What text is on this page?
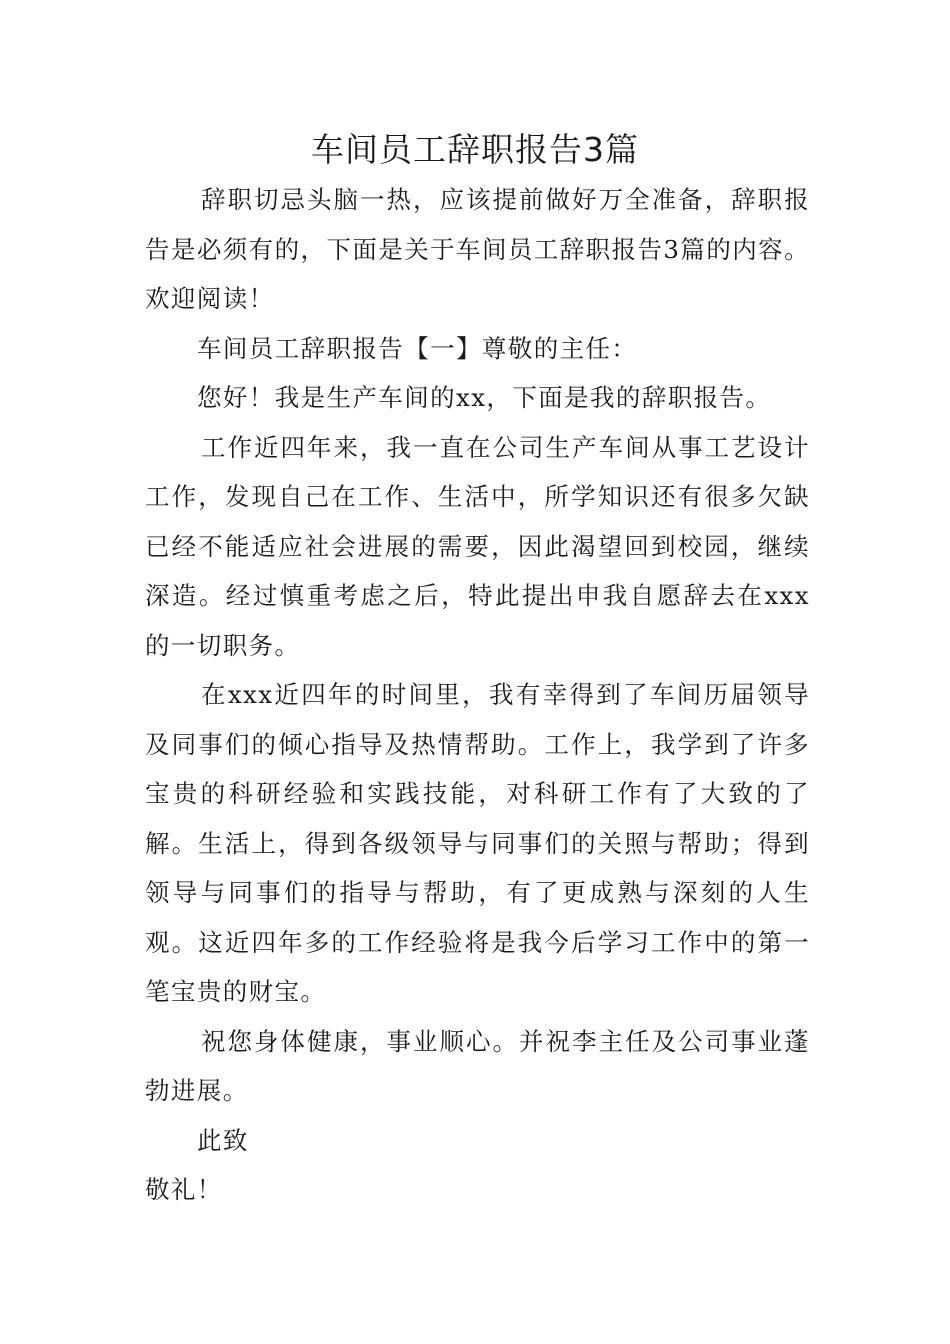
车间员工辞职报告3篇

辞职切忌头脑一热，应该提前做好万全准备，辞职报告是必须有的，下面是关于车间员工辞职报告3篇的内容。欢迎阅读！

车间员工辞职报告【一】尊敬的主任：

您好！我是生产车间的xx，下面是我的辞职报告。

工作近四年来，我一直在公司生产车间从事工艺设计工作，发现自己在工作、生活中，所学知识还有很多欠缺已经不能适应社会进展的需要，因此渴望回到校园，继续深造。经过慎重考虑之后，特此提出申我自愿辞去在xxx的一切职务。

在xxx近四年的时间里，我有幸得到了车间历届领导及同事们的倾心指导及热情帮助。工作上，我学到了许多宝贵的科研经验和实践技能，对科研工作有了大致的了解。生活上，得到各级领导与同事们的关照与帮助；得到领导与同事们的指导与帮助，有了更成熟与深刻的人生观。这近四年多的工作经验将是我今后学习工作中的第一笔宝贵的财宝。

祝您身体健康，事业顺心。并祝李主任及公司事业蓬勃进展。

此致

敬礼！
